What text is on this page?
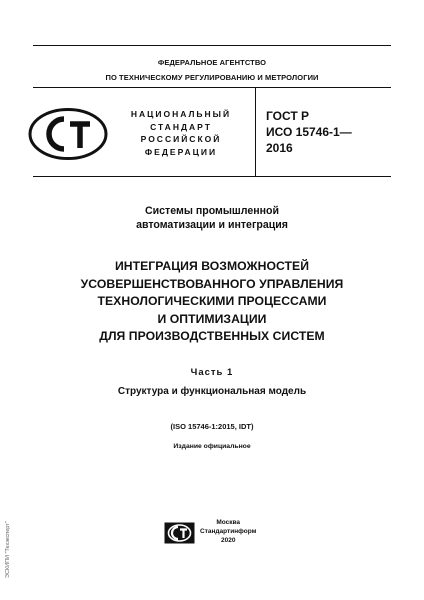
ФЕДЕРАЛЬНОЕ АГЕНТСТВО
ПО ТЕХНИЧЕСКОМУ РЕГУЛИРОВАНИЮ И МЕТРОЛОГИИ
НАЦИОНАЛЬНЫЙ
СТАНДАРТ
РОССИЙСКОЙ
ФЕДЕРАЦИИ
ГОСТ Р
ИСО 15746-1—
2016
Системы промышленной
автоматизации и интеграция
ИНТЕГРАЦИЯ ВОЗМОЖНОСТЕЙ
УСОВЕРШЕНСТВОВАННОГО УПРАВЛЕНИЯ
ТЕХНОЛОГИЧЕСКИМИ ПРОЦЕССАМИ
И ОПТИМИЗАЦИИ
ДЛЯ ПРОИЗВОДСТВЕННЫХ СИСТЕМ
Часть 1
Структура и функциональная модель
(ISO 15746-1:2015, IDT)
Издание официальное
Москва
Стандартинформ
2020
ЭСКИПИ "Техэксперт"
